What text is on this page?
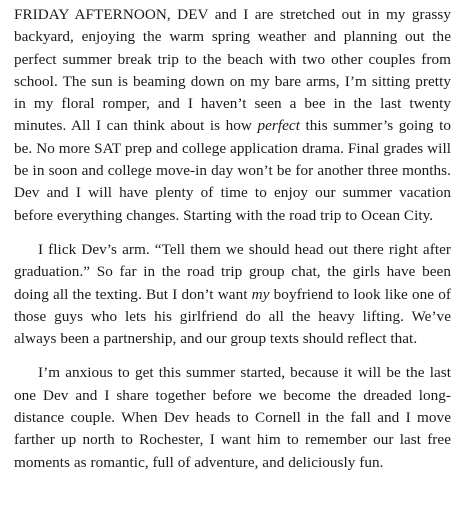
FRIDAY AFTERNOON, DEV and I are stretched out in my grassy backyard, enjoying the warm spring weather and planning out the perfect summer break trip to the beach with two other couples from school. The sun is beaming down on my bare arms, I’m sitting pretty in my floral romper, and I haven’t seen a bee in the last twenty minutes. All I can think about is how perfect this summer’s going to be. No more SAT prep and college application drama. Final grades will be in soon and college move-in day won’t be for another three months. Dev and I will have plenty of time to enjoy our summer vacation before everything changes. Starting with the road trip to Ocean City.

I flick Dev’s arm. “Tell them we should head out there right after graduation.” So far in the road trip group chat, the girls have been doing all the texting. But I don’t want my boyfriend to look like one of those guys who lets his girlfriend do all the heavy lifting. We’ve always been a partnership, and our group texts should reflect that.

I’m anxious to get this summer started, because it will be the last one Dev and I share together before we become the dreaded long-distance couple. When Dev heads to Cornell in the fall and I move farther up north to Rochester, I want him to remember our last free moments as romantic, full of adventure, and deliciously fun.
